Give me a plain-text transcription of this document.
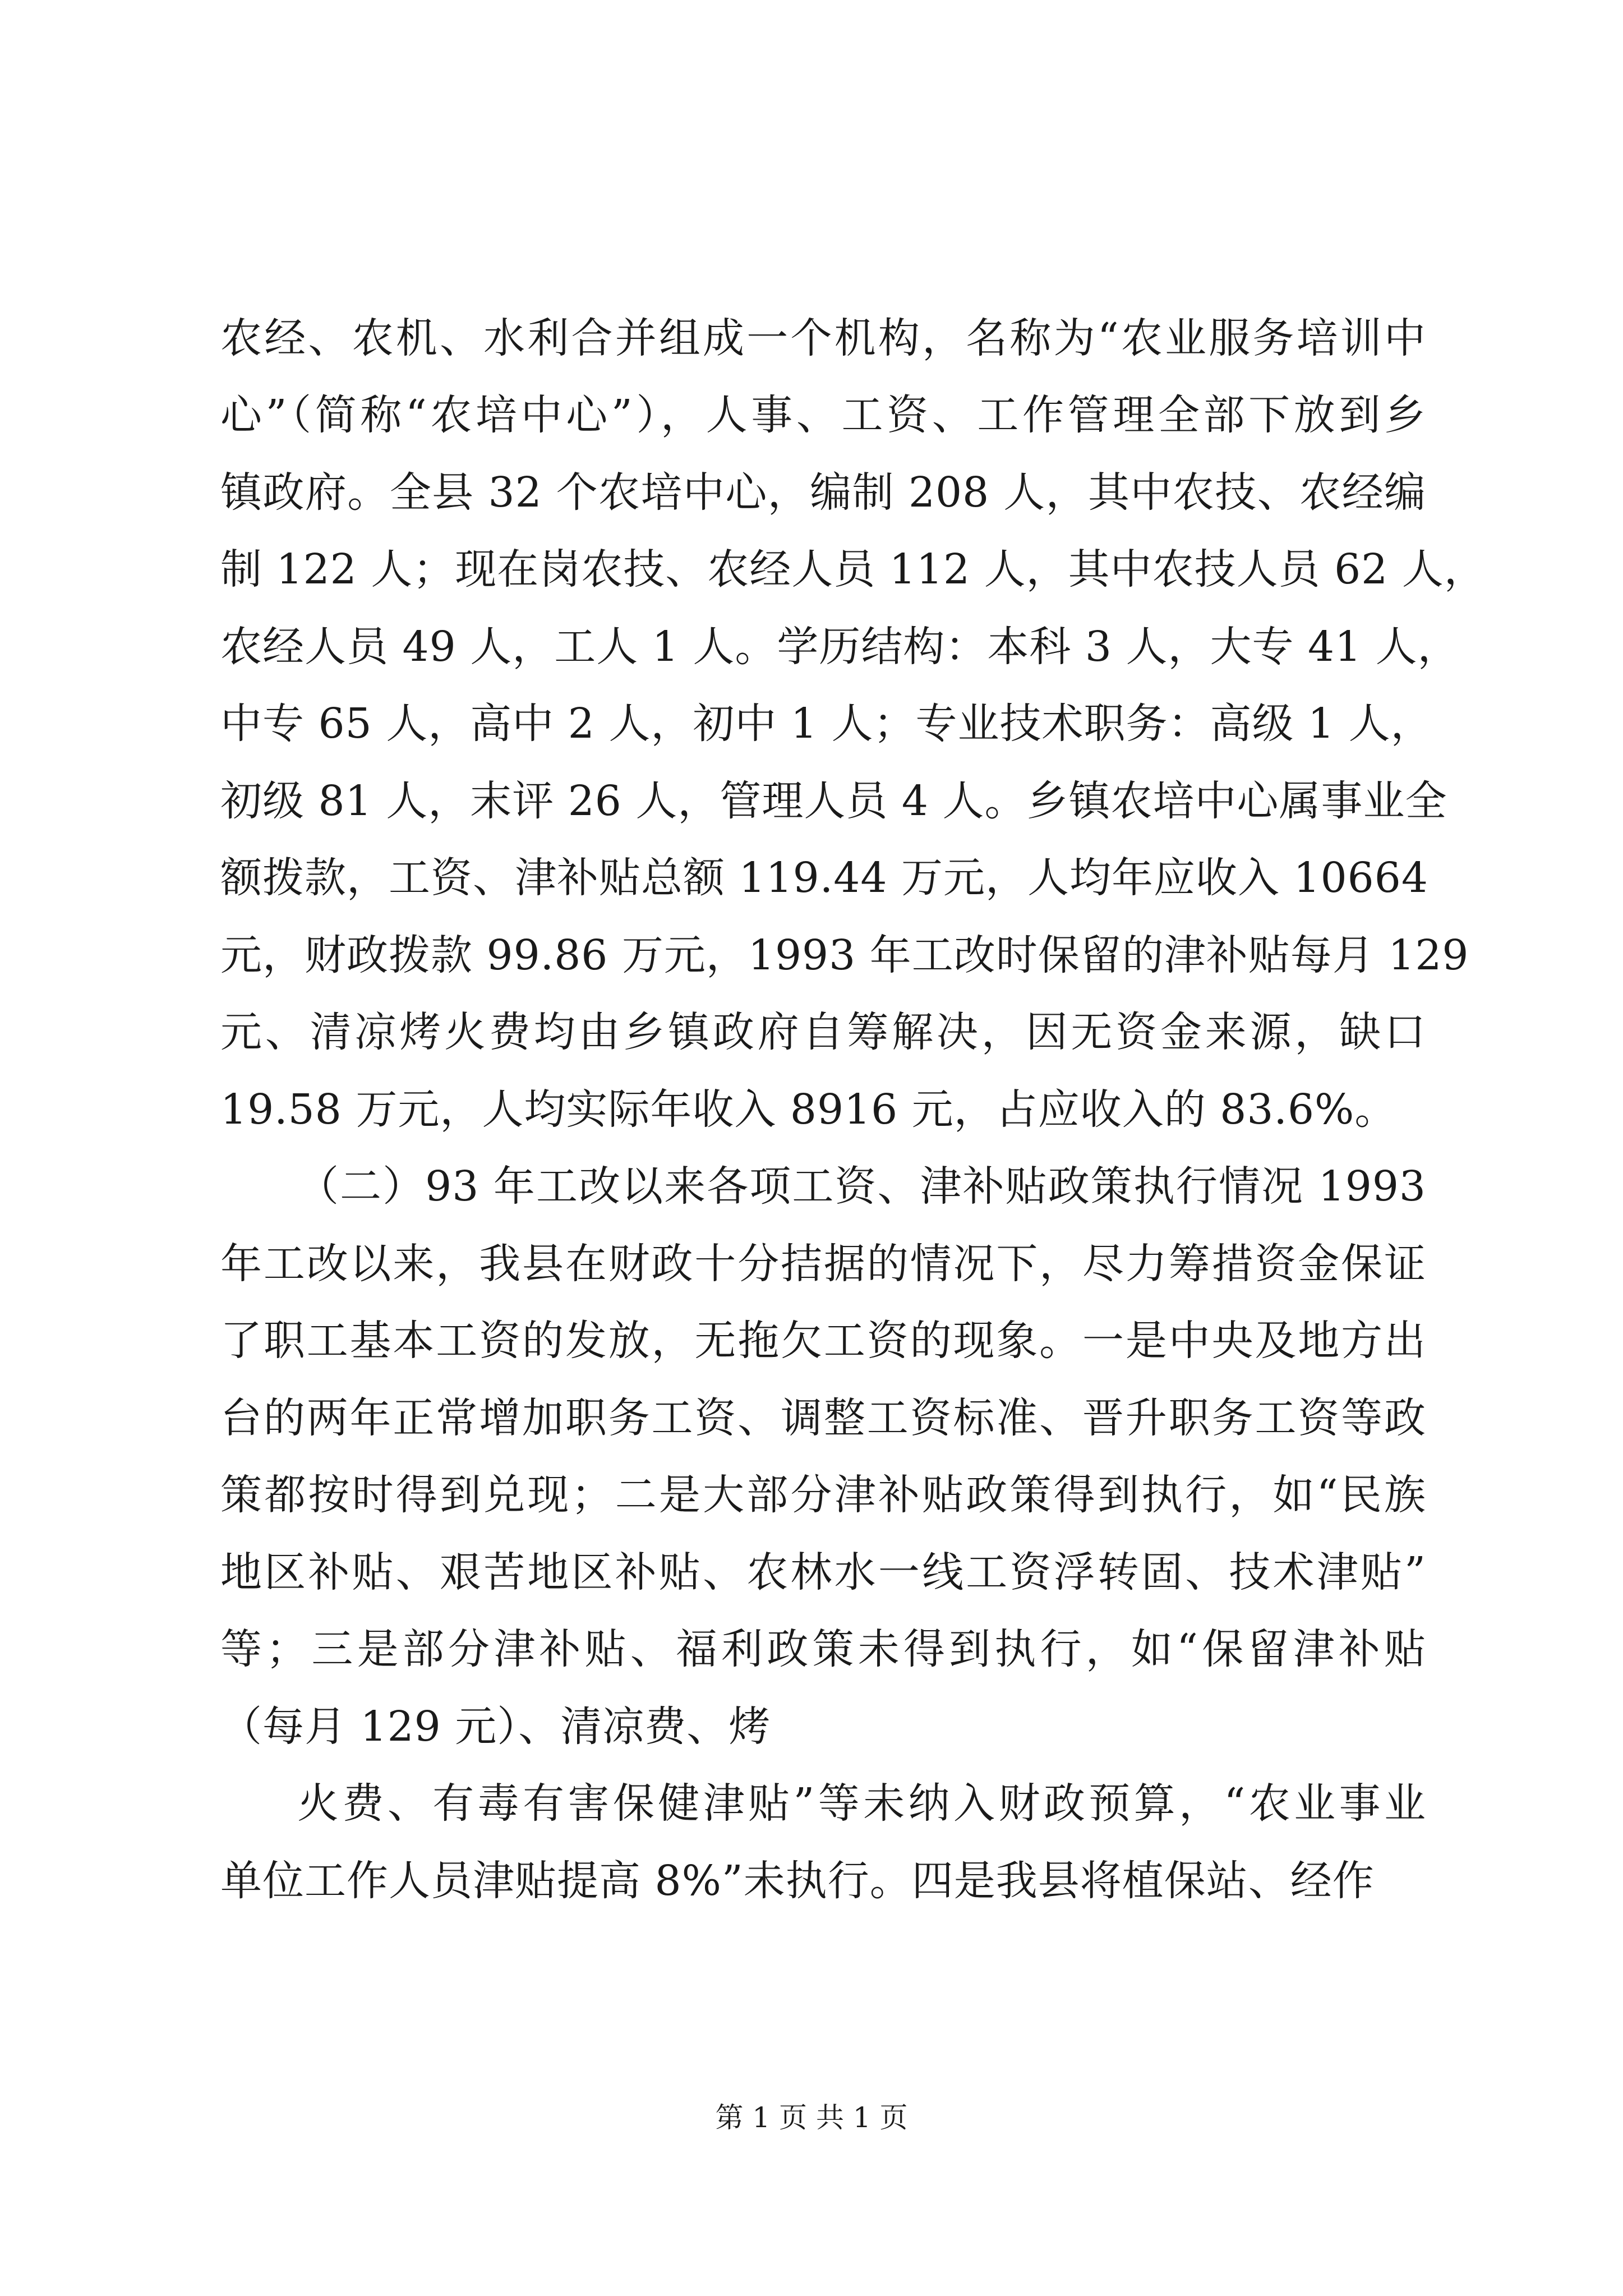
农经、农机、水利合并组成一个机构，名称为“农业服务培训中
心”（简称“农培中心”），人事、工资、工作管理全部下放到乡
镇政府。全县 32 个农培中心，编制 208 人，其中农技、农经编
制 122 人；现在岗农技、农经人员 112 人，其中农技人员 62 人，
农经人员 49 人，工人 1 人。学历结构：本科 3 人，大专 41 人，
中专 65 人，高中 2 人，初中 1 人；专业技术职务：高级 1 人，
初级 81 人，末评 26 人，管理人员 4 人。乡镇农培中心属事业全
额拨款，工资、津补贴总额 119.44 万元，人均年应收入 10664
元，财政拨款 99.86 万元，1993 年工改时保留的津补贴每月 129
元、清凉烤火费均由乡镇政府自筹解决，因无资金来源，缺口
19.58 万元，人均实际年收入 8916 元，占应收入的 83.6%。
（二）93 年工改以来各项工资、津补贴政策执行情况 1993
年工改以来，我县在财政十分拮据的情况下，尽力筹措资金保证
了职工基本工资的发放，无拖欠工资的现象。一是中央及地方出
台的两年正常增加职务工资、调整工资标准、晋升职务工资等政
策都按时得到兑现；二是大部分津补贴政策得到执行，如“民族
地区补贴、艰苦地区补贴、农林水一线工资浮转固、技术津贴”
等；三是部分津补贴、福利政策未得到执行，如“保留津补贴
（每月 129 元）、清凉费、烤
火费、有毒有害保健津贴”等未纳入财政预算，“农业事业
单位工作人员津贴提高 8%”未执行。四是我县将植保站、经作
第 1 页 共 1 页
